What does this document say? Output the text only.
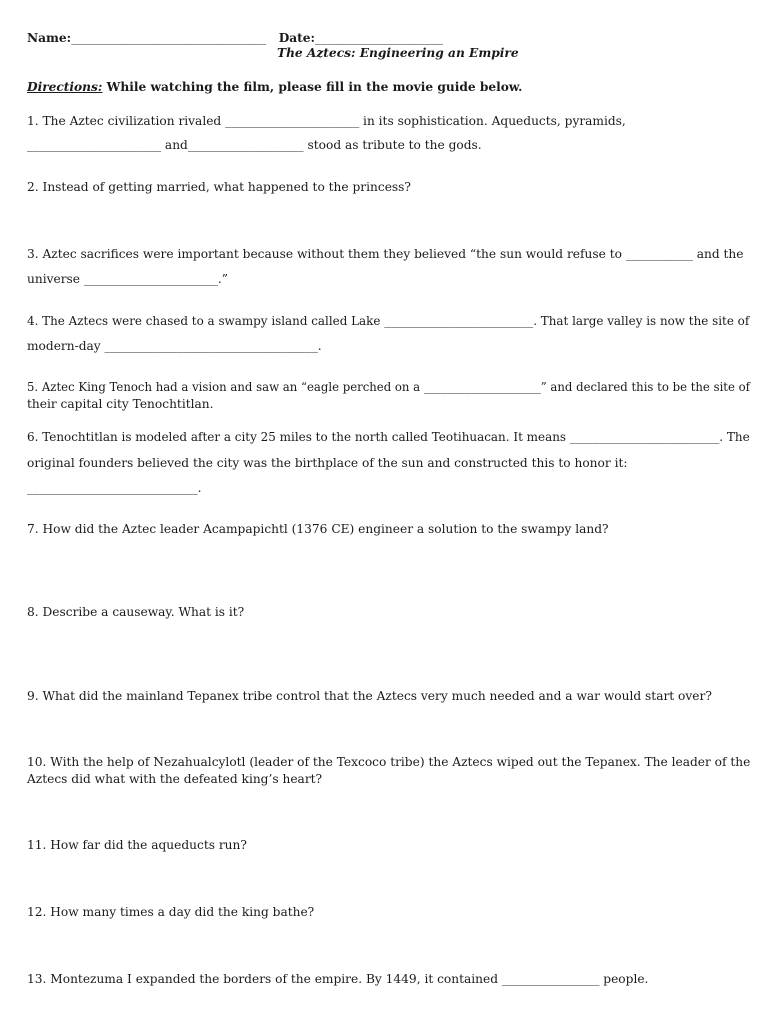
Name:________________________________ Date:_____________________
The Aztecs: Engineering an Empire
Directions: While watching the film, please fill in the movie guide below.
1. The Aztec civilization rivaled ______________________ in its sophistication. Aqueducts, pyramids,
______________________ and___________________ stood as tribute to the gods.
2. Instead of getting married, what happened to the princess?
3. Aztec sacrifices were important because without them they believed “the sun would refuse to ___________ and the
universe ______________________.”
4. The Aztecs were chased to a swampy island called Lake _________________________. That large valley is now the site of
modern-day ___________________________________.
5. Aztec King Tenoch had a vision and saw an “eagle perched on a ____________________” and declared this to be the site of
their capital city Tenochtitlan.
6. Tenochtitlan is modeled after a city 25 miles to the north called Teotihuacan. It means _________________________. The
original founders believed the city was the birthplace of the sun and constructed this to honor it:
____________________________.
7. How did the Aztec leader Acampapichtl (1376 CE) engineer a solution to the swampy land?
8. Describe a causeway. What is it?
9. What did the mainland Tepanex tribe control that the Aztecs very much needed and a war would start over?
10. With the help of Nezahualcylotl (leader of the Texcoco tribe) the Aztecs wiped out the Tepanex. The leader of the
Aztecs did what with the defeated king’s heart?
11. How far did the aqueducts run?
12. How many times a day did the king bathe?
13. Montezuma I expanded the borders of the empire. By 1449, it contained ________________ people.
